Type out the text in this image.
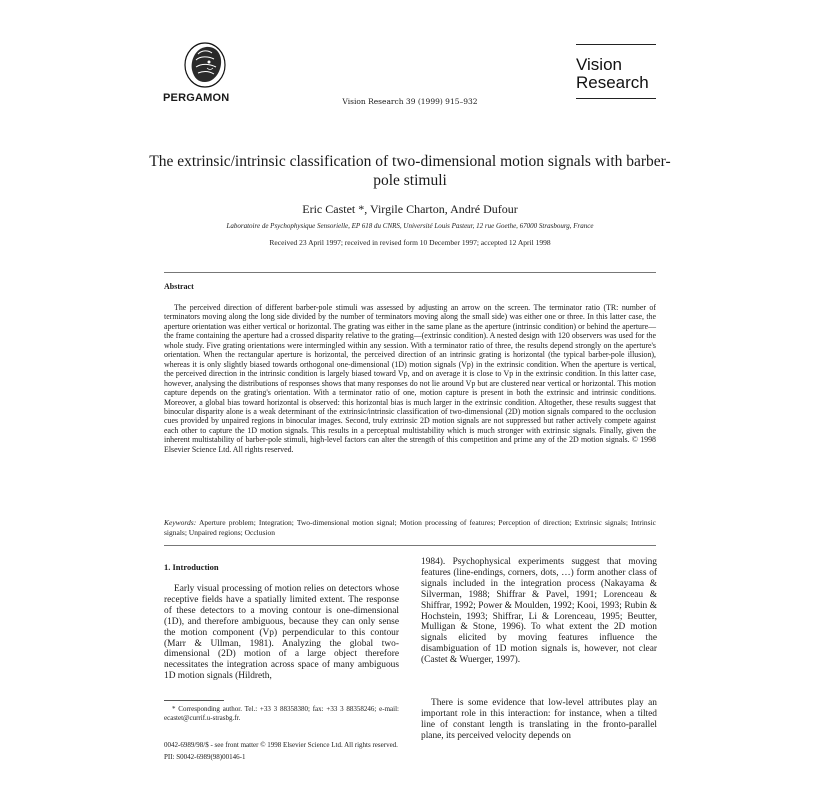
PERGAMON	Vision Research 39 (1999) 915–932
Vision
Research
The extrinsic/intrinsic classification of two-dimensional motion signals with barber-pole stimuli
Eric Castet *, Virgile Charton, André Dufour
Laboratoire de Psychophysique Sensorielle, EP 618 du CNRS, Université Louis Pasteur, 12 rue Goethe, 67000 Strasbourg, France
Received 23 April 1997; received in revised form 10 December 1997; accepted 12 April 1998
Abstract

The perceived direction of different barber-pole stimuli was assessed by adjusting an arrow on the screen. The terminator ratio (TR: number of terminators moving along the long side divided by the number of terminators moving along the small side) was either one or three. In this latter case, the aperture orientation was either vertical or horizontal. The grating was either in the same plane as the aperture (intrinsic condition) or behind the aperture—the frame containing the aperture had a crossed disparity relative to the grating—(extrinsic condition). A nested design with 120 observers was used for the whole study. Five grating orientations were intermingled within any session. With a terminator ratio of three, the results depend strongly on the aperture's orientation. When the rectangular aperture is horizontal, the perceived direction of an intrinsic grating is horizontal (the typical barber-pole illusion), whereas it is only slightly biased towards orthogonal one-dimensional (1D) motion signals (Vp) in the extrinsic condition. When the aperture is vertical, the perceived direction in the intrinsic condition is largely biased toward Vp, and on average it is close to Vp in the extrinsic condition. In this latter case, however, analysing the distributions of responses shows that many responses do not lie around Vp but are clustered near vertical or horizontal. This motion capture depends on the grating's orientation. With a terminator ratio of one, motion capture is present in both the extrinsic and intrinsic conditions. Moreover, a global bias toward horizontal is observed: this horizontal bias is much larger in the extrinsic condition. Altogether, these results suggest that binocular disparity alone is a weak determinant of the extrinsic/intrinsic classification of two-dimensional (2D) motion signals compared to the occlusion cues provided by unpaired regions in binocular images. Second, truly extrinsic 2D motion signals are not suppressed but rather actively compete against each other to capture the 1D motion signals. This results in a perceptual multistability which is much stronger with extrinsic signals. Finally, given the inherent multistability of barber-pole stimuli, high-level factors can alter the strength of this competition and prime any of the 2D motion signals. © 1998 Elsevier Science Ltd. All rights reserved.

Keywords: Aperture problem; Integration; Two-dimensional motion signal; Motion processing of features; Perception of direction; Extrinsic signals; Intrinsic signals; Unpaired regions; Occlusion

1. Introduction

Early visual processing of motion relies on detectors whose receptive fields have a spatially limited extent. The response of these detectors to a moving contour is one-dimensional (1D), and therefore ambiguous, because they can only sense the motion component (Vp) perpendicular to this contour (Marr & Ullman, 1981). Analyzing the global two-dimensional (2D) motion of a large object therefore necessitates the integration across space of many ambiguous 1D motion signals (Hildreth,

1984). Psychophysical experiments suggest that moving features (line-endings, corners, dots, …) form another class of signals included in the integration process (Nakayama & Silverman, 1988; Shiffrar & Pavel, 1991; Lorenceau & Shiffrar, 1992; Power & Moulden, 1992; Kooi, 1993; Rubin & Hochstein, 1993; Shiffrar, Li & Lorenceau, 1995; Beutter, Mulligan & Stone, 1996). To what extent the 2D motion signals elicited by moving features influence the disambiguation of 1D motion signals is, however, not clear (Castet & Wuerger, 1997).

There is some evidence that low-level attributes play an important role in this interaction: for instance, when a tilted line of constant length is translating in the fronto-parallel plane, its perceived velocity depends on

* Corresponding author. Tel.: +33 3 88358380; fax: +33 3 88358246; e-mail: ecastet@currif.u-strasbg.fr.

0042-6989/98/$ - see front matter © 1998 Elsevier Science Ltd. All rights reserved.
PII: S0042-6989(98)00146-1
